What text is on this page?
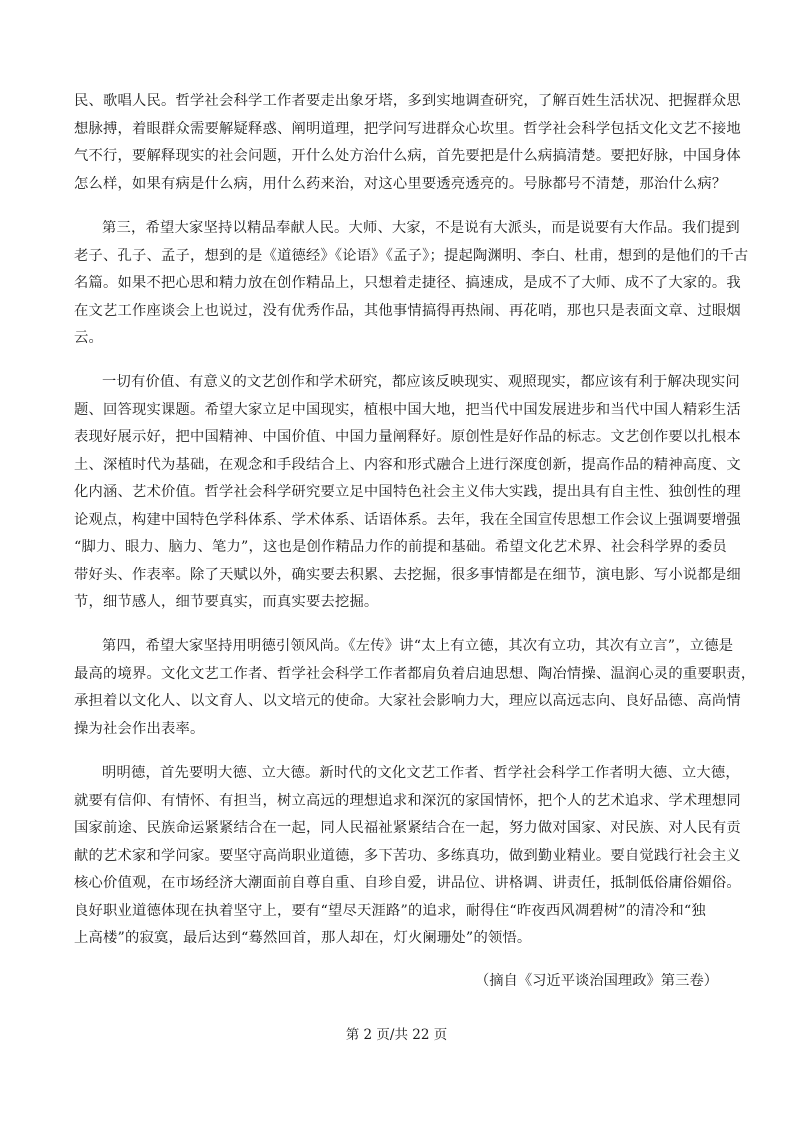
民、歌唱人民。哲学社会科学工作者要走出象牙塔，多到实地调查研究，了解百姓生活状况、把握群众思
想脉搏，着眼群众需要解疑释惑、阐明道理，把学问写进群众心坎里。哲学社会科学包括文化文艺不接地
气不行，要解释现实的社会问题，开什么处方治什么病，首先要把是什么病搞清楚。要把好脉，中国身体
怎么样，如果有病是什么病，用什么药来治，对这心里要透亮透亮的。号脉都号不清楚，那治什么病？
第三，希望大家坚持以精品奉献人民。大师、大家，不是说有大派头，而是说要有大作品。我们提到
老子、孔子、孟子，想到的是《道德经》《论语》《孟子》；提起陶渊明、李白、杜甫，想到的是他们的千古
名篇。如果不把心思和精力放在创作精品上，只想着走捷径、搞速成，是成不了大师、成不了大家的。我
在文艺工作座谈会上也说过，没有优秀作品，其他事情搞得再热闹、再花哨，那也只是表面文章、过眼烟
云。
一切有价值、有意义的文艺创作和学术研究，都应该反映现实、观照现实，都应该有利于解决现实问
题、回答现实课题。希望大家立足中国现实，植根中国大地，把当代中国发展进步和当代中国人精彩生活
表现好展示好，把中国精神、中国价值、中国力量阐释好。原创性是好作品的标志。文艺创作要以扎根本
土、深植时代为基础，在观念和手段结合上、内容和形式融合上进行深度创新，提高作品的精神高度、文
化内涵、艺术价值。哲学社会科学研究要立足中国特色社会主义伟大实践，提出具有自主性、独创性的理
论观点，构建中国特色学科体系、学术体系、话语体系。去年，我在全国宣传思想工作会议上强调要增强
“脚力、眼力、脑力、笔力”，这也是创作精品力作的前提和基础。希望文化艺术界、社会科学界的委员
带好头、作表率。除了天赋以外，确实要去积累、去挖掘，很多事情都是在细节，演电影、写小说都是细
节，细节感人，细节要真实，而真实要去挖掘。
第四，希望大家坚持用明德引领风尚。《左传》讲“太上有立德，其次有立功，其次有立言”，立德是
最高的境界。文化文艺工作者、哲学社会科学工作者都肩负着启迪思想、陶冶情操、温润心灵的重要职责，
承担着以文化人、以文育人、以文培元的使命。大家社会影响力大，理应以高远志向、良好品德、高尚情
操为社会作出表率。
明明德，首先要明大德、立大德。新时代的文化文艺工作者、哲学社会科学工作者明大德、立大德，
就要有信仰、有情怀、有担当，树立高远的理想追求和深沉的家国情怀，把个人的艺术追求、学术理想同
国家前途、民族命运紧紧结合在一起，同人民福祉紧紧结合在一起，努力做对国家、对民族、对人民有贡
献的艺术家和学问家。要坚守高尚职业道德，多下苦功、多练真功，做到勤业精业。要自觉践行社会主义
核心价值观，在市场经济大潮面前自尊自重、自珍自爱，讲品位、讲格调、讲责任，抵制低俗庸俗媚俗。
良好职业道德体现在执着坚守上，要有“望尽天涯路”的追求，耐得住“昨夜西风凋碧树”的清冷和“独
上高楼”的寂寞，最后达到“蓦然回首，那人却在，灯火阑珊处”的领悟。
（摘自《习近平谈治国理政》第三卷）
第 2 页/共 22 页
